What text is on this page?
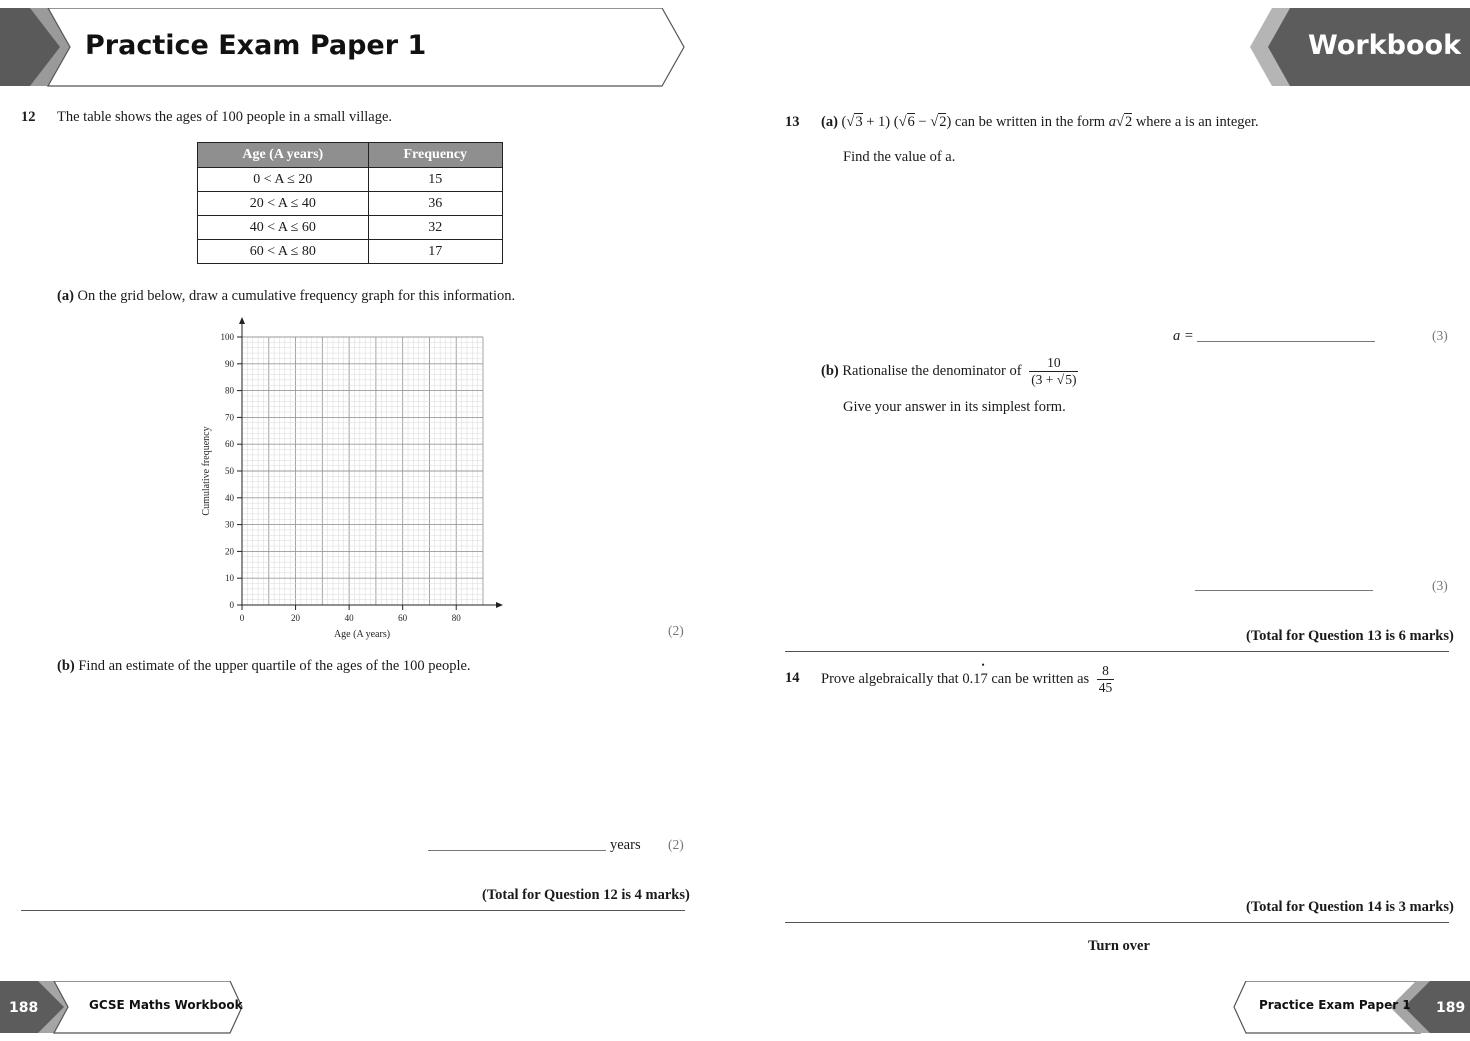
Practice Exam Paper 1	Workbook
12 The table shows the ages of 100 people in a small village.
Age (A years)	Frequency
0 < A ≤ 20	15
20 < A ≤ 40	36
40 < A ≤ 60	32
60 < A ≤ 80	17
(a) On the grid below, draw a cumulative frequency graph for this information.
0
10
20
30
40
50
60
70
80
90
100
0	20	40	60	80
Age (A years)
Cumulative frequency
(2)
(b) Find an estimate of the upper quartile of the ages of the 100 people.
years (2)
(Total for Question 12 is 4 marks)
13 (a) (√3 + 1) (√6 − √2) can be written in the form a√2 where a is an integer.
Find the value of a.
a =	(3)
(b) Rationalise the denominator of $\frac{10}{(3 + √5)}$
Give your answer in its simplest form.
(3)
(Total for Question 13 is 6 marks)
14 Prove algebraically that 0.1• 7 can be written as $\frac{8}{45}$
(Total for Question 14 is 3 marks)
Turn over
188	GCSE Maths Workbook	Practice Exam Paper 1 189
